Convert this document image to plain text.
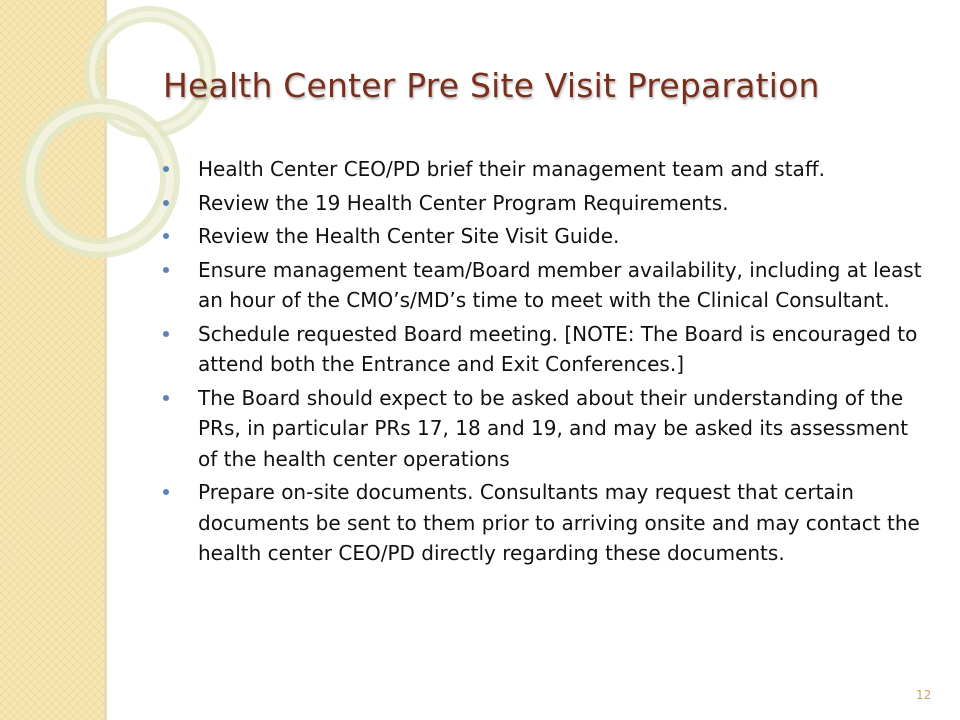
Health Center Pre Site Visit Preparation
Health Center CEO/PD brief their management team and staff.
Review the 19 Health Center Program Requirements.
Review the Health Center Site Visit Guide.
Ensure management team/Board member availability, including at least an hour of the CMO’s/MD’s time to meet with the Clinical Consultant.
Schedule requested Board meeting. [NOTE: The Board is encouraged to attend both the Entrance and Exit Conferences.]
The Board should expect to be asked about their understanding of the PRs, in particular PRs 17, 18 and 19, and may be asked its assessment of the health center operations
Prepare on-site documents. Consultants may request that certain documents be sent to them prior to arriving onsite and may contact the health center CEO/PD directly regarding these documents.
12
